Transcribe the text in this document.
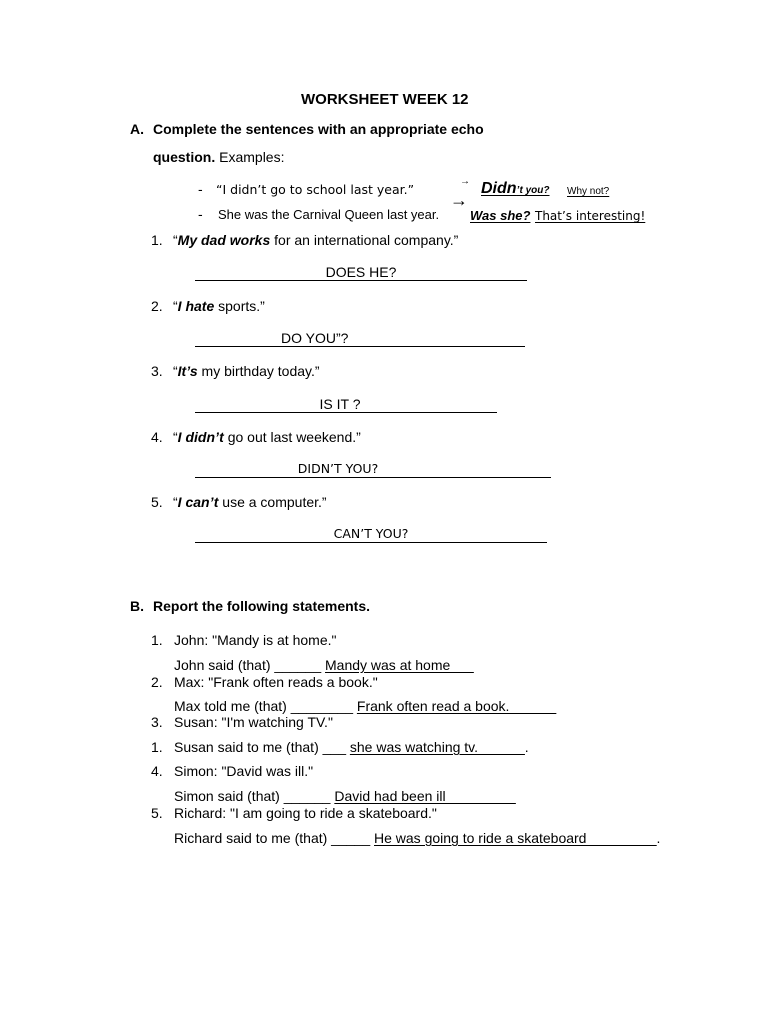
WORKSHEET WEEK 12
A. Complete the sentences with an appropriate echo
question. Examples:
- “I didn’t go to school last year.”
→ Didn’t you? Why not?
- She was the Carnival Queen last year.
→
Was she? That’s interesting!
1. “My dad works for an international company.”
DOES HE?
2. “I hate sports.”
DO YOU”?
3. “It’s my birthday today.”
IS IT ?
4. “I didn’t go out last weekend.”
DIDN’T YOU?
5. “I can’t use a computer.”
CAN’T YOU?
B. Report the following statements.
1. John: "Mandy is at home."
John said (that) ______ Mandy was at home___
2. Max: "Frank often reads a book."
Max told me (that) ________ Frank often read a book.______
3. Susan: "I'm watching TV."
1. Susan said to me (that) ___ she was watching tv.______.
4. Simon: "David was ill."
Simon said (that) ______ David had been ill_________
5. Richard: "I am going to ride a skateboard."
Richard said to me (that) _____ He was going to ride a skateboard_________.
